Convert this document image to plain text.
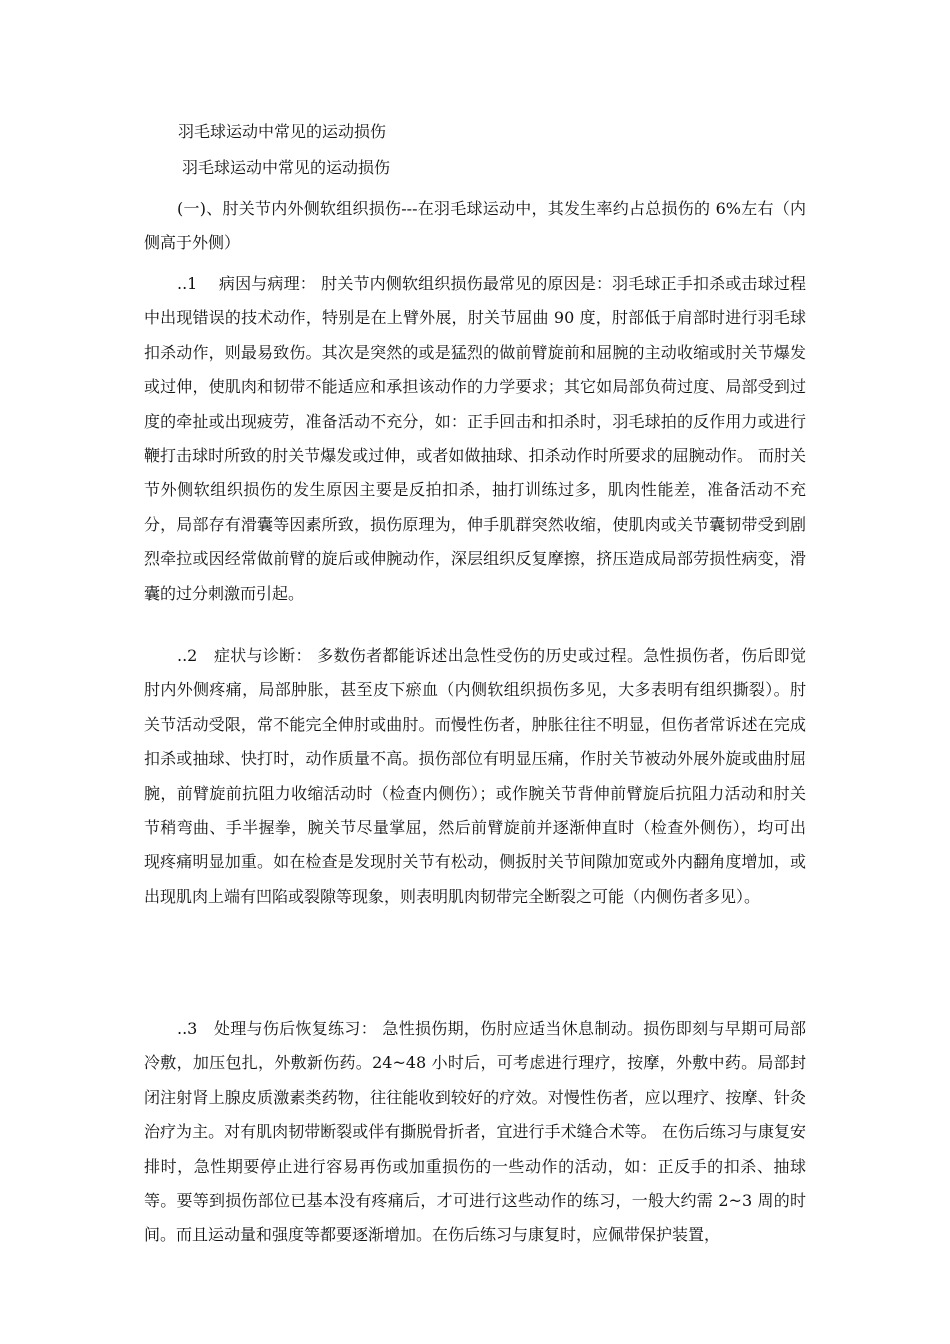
羽毛球运动中常见的运动损伤
羽毛球运动中常见的运动损伤

(一)、肘关节内外侧软组织损伤---在羽毛球运动中，其发生率约占总损伤的 6%左右（内侧高于外侧）

..1　 病因与病理： 肘关节内侧软组织损伤最常见的原因是：羽毛球正手扣杀或击球过程中出现错误的技术动作，特别是在上臂外展，肘关节屈曲 90 度，肘部低于肩部时进行羽毛球扣杀动作，则最易致伤。其次是突然的或是猛烈的做前臂旋前和屈腕的主动收缩或肘关节爆发或过伸，使肌肉和韧带不能适应和承担该动作的力学要求；其它如局部负荷过度、局部受到过度的牵扯或出现疲劳，准备活动不充分，如：正手回击和扣杀时，羽毛球拍的反作用力或进行鞭打击球时所致的肘关节爆发或过伸，或者如做抽球、扣杀动作时所要求的屈腕动作。 而肘关节外侧软组织损伤的发生原因主要是反拍扣杀，抽打训练过多，肌肉性能差，准备活动不充分，局部存有滑囊等因素所致，损伤原理为，伸手肌群突然收缩，使肌肉或关节囊韧带受到剧烈牵拉或因经常做前臂的旋后或伸腕动作，深层组织反复摩擦，挤压造成局部劳损性病变，滑囊的过分刺激而引起。

..2　症状与诊断： 多数伤者都能诉述出急性受伤的历史或过程。急性损伤者，伤后即觉肘内外侧疼痛，局部肿胀，甚至皮下瘀血（内侧软组织损伤多见，大多表明有组织撕裂）。肘关节活动受限，常不能完全伸肘或曲肘。而慢性伤者，肿胀往往不明显，但伤者常诉述在完成扣杀或抽球、快打时，动作质量不高。损伤部位有明显压痛，作肘关节被动外展外旋或曲肘屈腕，前臂旋前抗阻力收缩活动时（检查内侧伤）；或作腕关节背伸前臂旋后抗阻力活动和肘关节稍弯曲、手半握拳，腕关节尽量掌屈，然后前臂旋前并逐渐伸直时（检查外侧伤），均可出现疼痛明显加重。如在检查是发现肘关节有松动，侧扳肘关节间隙加宽或外内翻角度增加，或出现肌肉上端有凹陷或裂隙等现象，则表明肌肉韧带完全断裂之可能（内侧伤者多见）。

..3　处理与伤后恢复练习： 急性损伤期，伤肘应适当休息制动。损伤即刻与早期可局部冷敷，加压包扎，外敷新伤药。24~48 小时后，可考虑进行理疗，按摩，外敷中药。局部封闭注射肾上腺皮质激素类药物，往往能收到较好的疗效。对慢性伤者，应以理疗、按摩、针灸治疗为主。对有肌肉韧带断裂或伴有撕脱骨折者，宜进行手术缝合术等。 在伤后练习与康复安排时，急性期要停止进行容易再伤或加重损伤的一些动作的活动，如：正反手的扣杀、抽球等。要等到损伤部位已基本没有疼痛后，才可进行这些动作的练习，一般大约需 2~3 周的时间。而且运动量和强度等都要逐渐增加。在伤后练习与康复时，应佩带保护装置，
